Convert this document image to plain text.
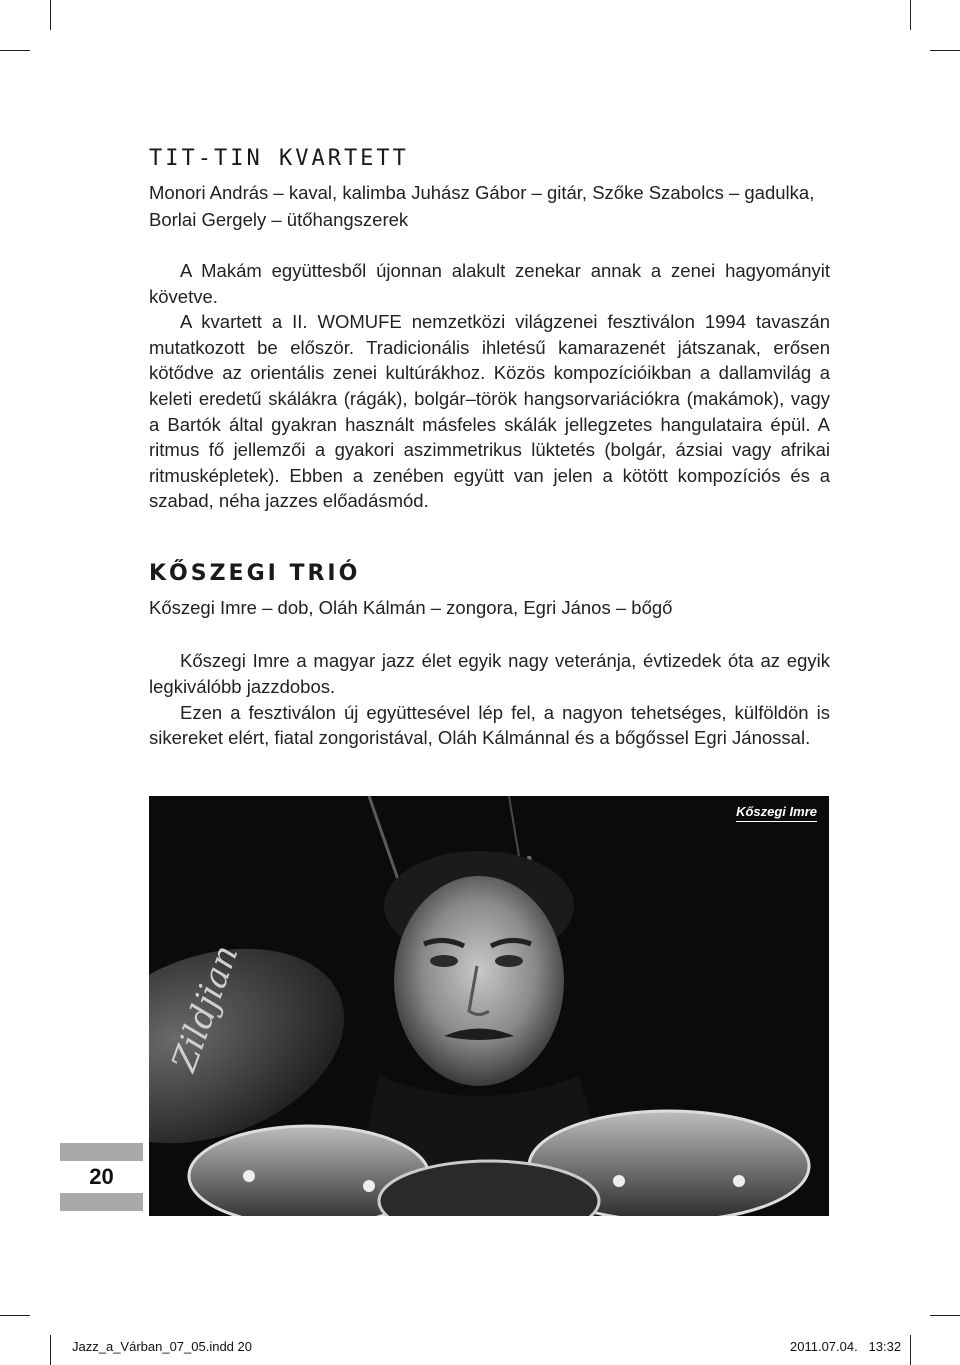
TIT-TIN KVARTETT

Monori András – kaval, kalimba Juhász Gábor – gitár, Szőke Szabolcs – gadulka, Borlai Gergely – ütőhangszerek

A Makám együttesből újonnan alakult zenekar annak a zenei hagyományit követve.

A kvartett a II. WOMUFE nemzetközi világzenei fesztiválon 1994 tavaszán mutatkozott be először. Tradicionális ihletésű kamarazenét játszanak, erősen kötődve az orientális zenei kultúrákhoz. Közös kompozícióikban a dallamvilág a keleti eredetű skálákra (rágák), bolgár–török hangsorvariációkra (makámok), vagy a Bartók által gyakran használt másfeles skálák jellegzetes hangulataira épül. A ritmus fő jellemzői a gyakori aszimmetrikus lüktetés (bolgár, ázsiai vagy afrikai ritmusképletek). Ebben a zenében együtt van jelen a kötött kompozíciós és a szabad, néha jazzes előadásmód.

KŐSZEGI TRIÓ

Kőszegi Imre – dob, Oláh Kálmán – zongora, Egri János – bőgő

Kőszegi Imre a magyar jazz élet egyik nagy veteránja, évtizedek óta az egyik legkiválóbb jazzdobos.

Ezen a fesztiválon új együttesével lép fel, a nagyon tehetséges, külföldön is sikereket elért, fiatal zongoristával, Oláh Kálmánnal és a bőgőssel Egri Jánossal.

Zildjian
Kőszegi Imre
20
Jazz_a_Várban_07_05.indd 20	2011.07.04.   13:32
